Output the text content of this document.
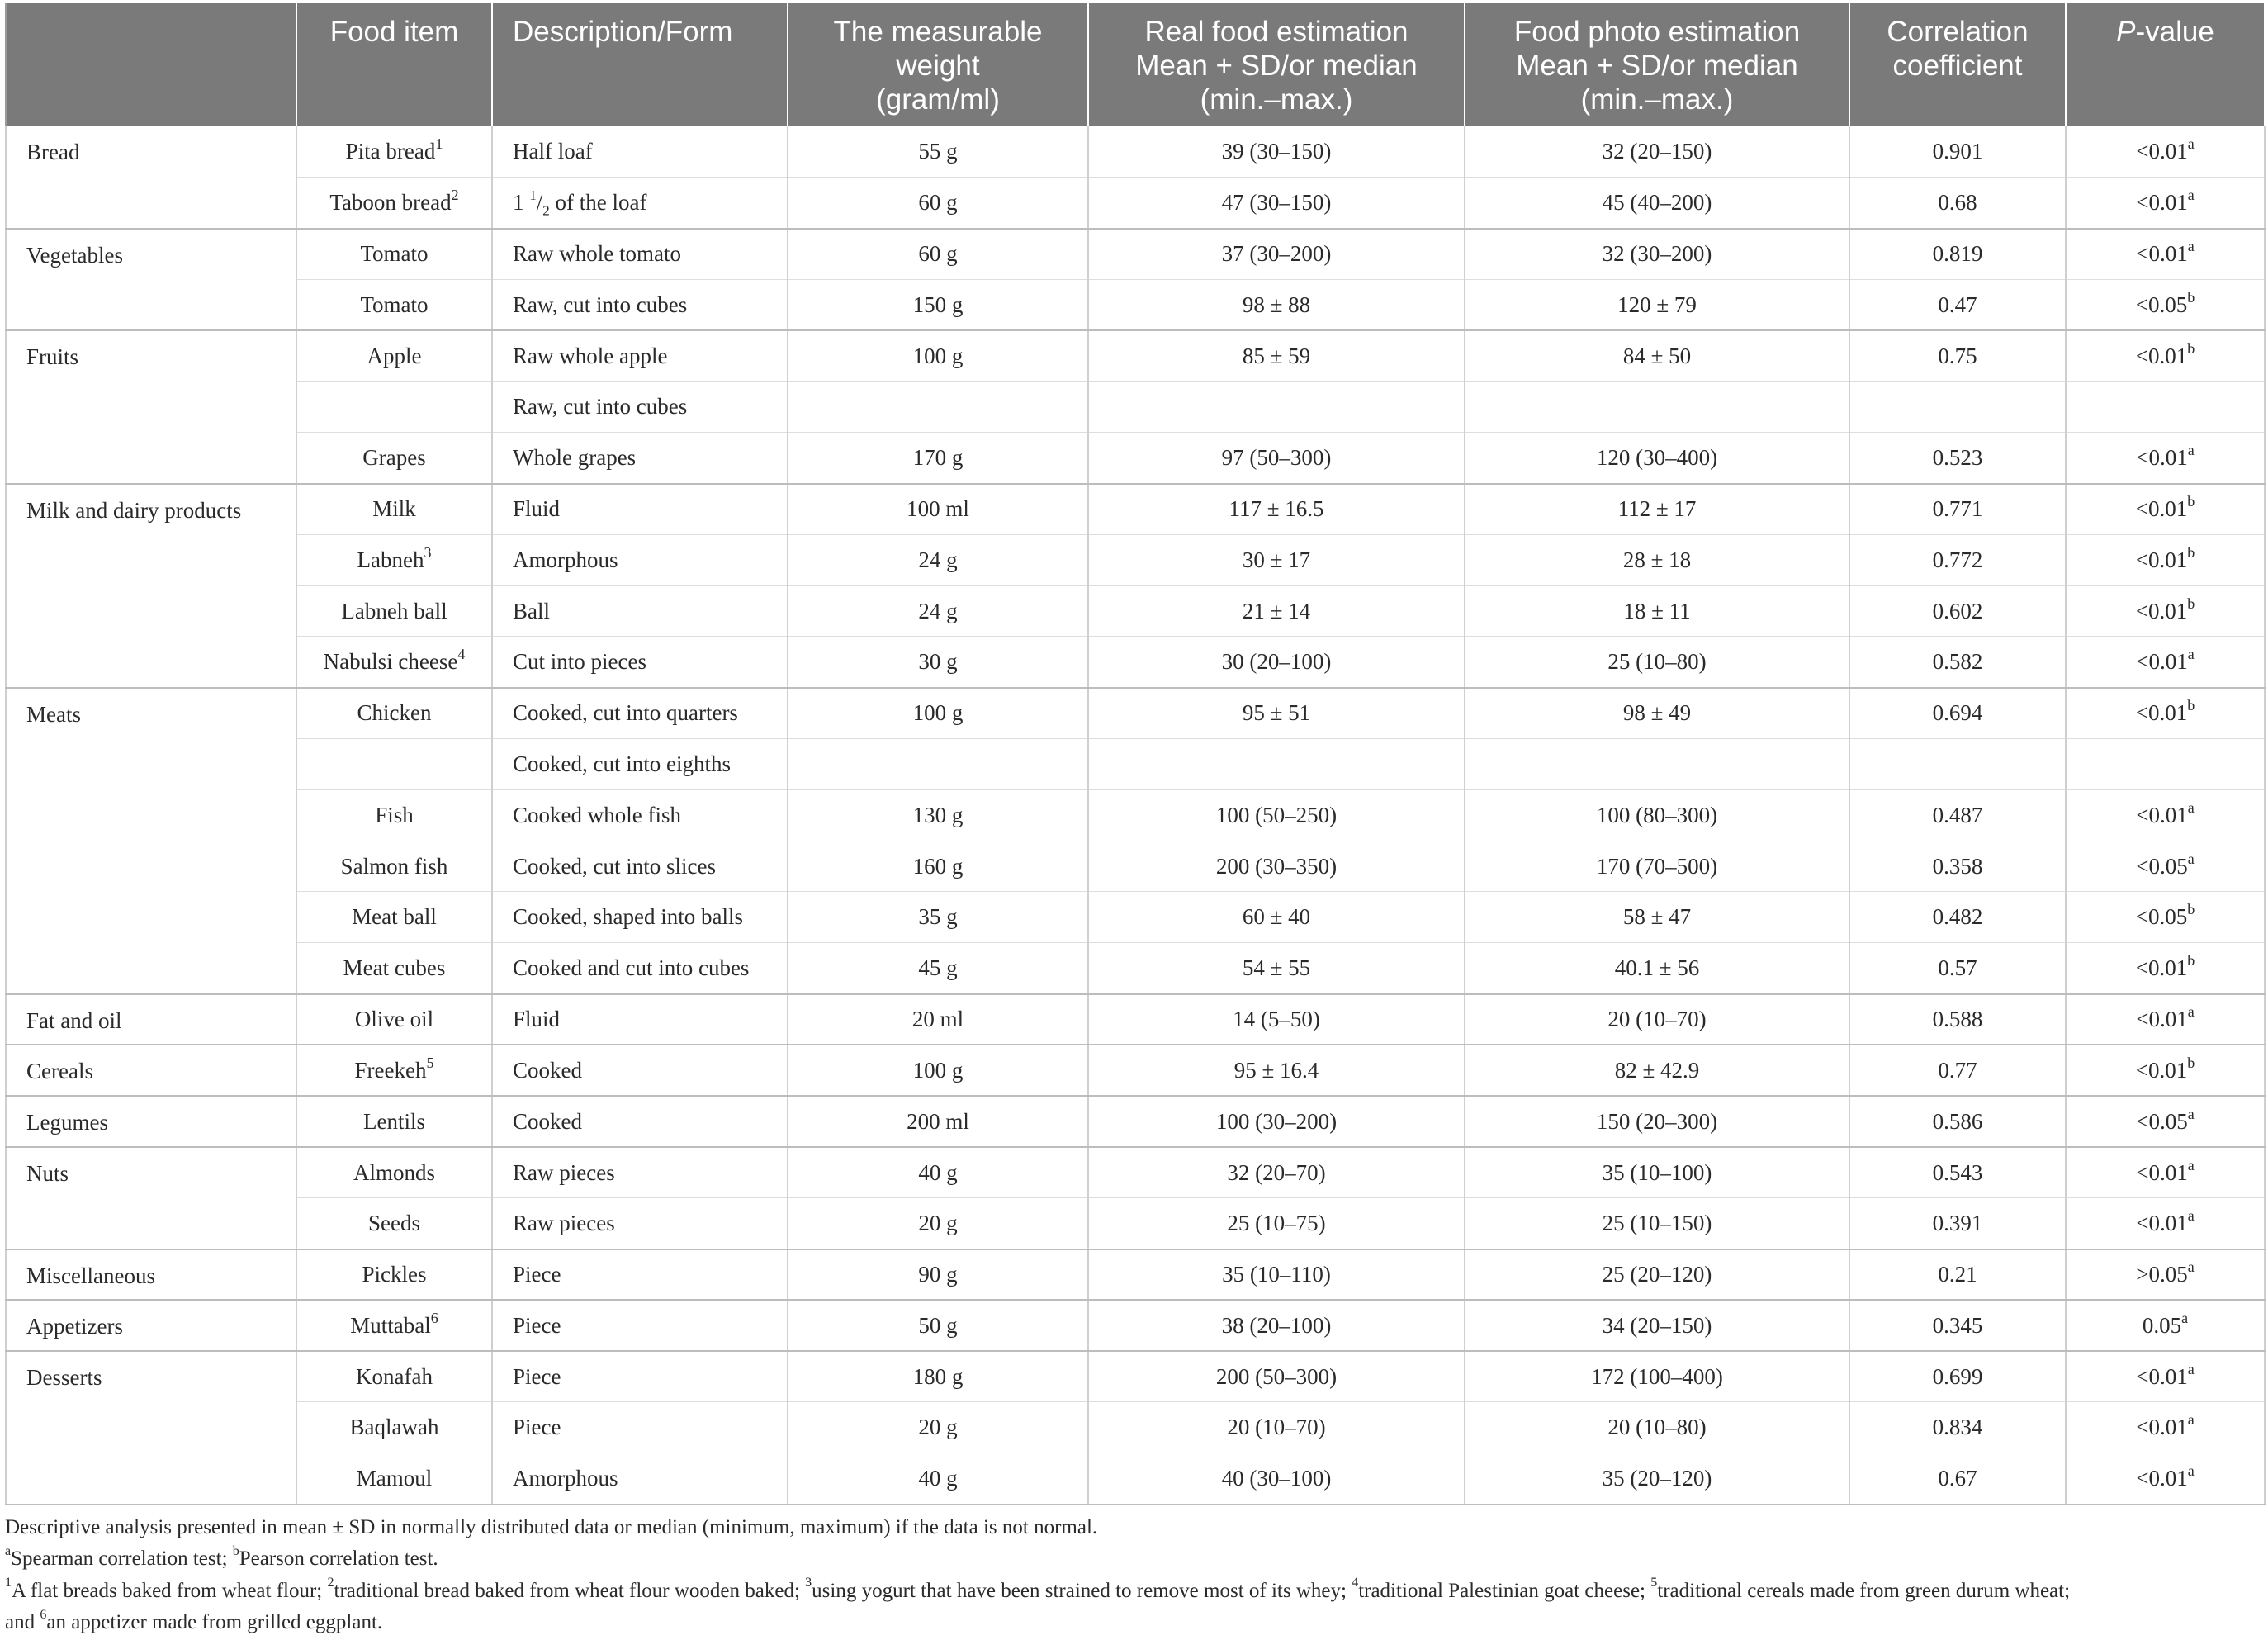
	Food item	Description/Form	The measurable
weight
(gram/ml)	Real food estimation
Mean + SD/or median
(min.–max.)	Food photo estimation
Mean + SD/or median
(min.–max.)	Correlation
coefficient	P-value
Bread	Pita bread$^1$	Half loaf	55 g	39 (30–150)	32 (20–150)	0.901	<0.01$^a$
	Taboon bread$^2$	1 $^1/_2$ of the loaf	60 g	47 (30–150)	45 (40–200)	0.68	<0.01$^a$
Vegetables	Tomato	Raw whole tomato	60 g	37 (30–200)	32 (30–200)	0.819	<0.01$^a$
	Tomato	Raw, cut into cubes	150 g	98 ± 88	120 ± 79	0.47	<0.05$^b$
Fruits	Apple	Raw whole apple	100 g	85 ± 59	84 ± 50	0.75	<0.01$^b$
		Raw, cut into cubes					
	Grapes	Whole grapes	170 g	97 (50–300)	120 (30–400)	0.523	<0.01$^a$
Milk and dairy products	Milk	Fluid	100 ml	117 ± 16.5	112 ± 17	0.771	<0.01$^b$
	Labneh$^3$	Amorphous	24 g	30 ± 17	28 ± 18	0.772	<0.01$^b$
	Labneh ball	Ball	24 g	21 ± 14	18 ± 11	0.602	<0.01$^b$
	Nabulsi cheese$^4$	Cut into pieces	30 g	30 (20–100)	25 (10–80)	0.582	<0.01$^a$
Meats	Chicken	Cooked, cut into quarters	100 g	95 ± 51	98 ± 49	0.694	<0.01$^b$
		Cooked, cut into eighths					
	Fish	Cooked whole fish	130 g	100 (50–250)	100 (80–300)	0.487	<0.01$^a$
	Salmon fish	Cooked, cut into slices	160 g	200 (30–350)	170 (70–500)	0.358	<0.05$^a$
	Meat ball	Cooked, shaped into balls	35 g	60 ± 40	58 ± 47	0.482	<0.05$^b$
	Meat cubes	Cooked and cut into cubes	45 g	54 ± 55	40.1 ± 56	0.57	<0.01$^b$
Fat and oil	Olive oil	Fluid	20 ml	14 (5–50)	20 (10–70)	0.588	<0.01$^a$
Cereals	Freekeh$^5$	Cooked	100 g	95 ± 16.4	82 ± 42.9	0.77	<0.01$^b$
Legumes	Lentils	Cooked	200 ml	100 (30–200)	150 (20–300)	0.586	<0.05$^a$
Nuts	Almonds	Raw pieces	40 g	32 (20–70)	35 (10–100)	0.543	<0.01$^a$
	Seeds	Raw pieces	20 g	25 (10–75)	25 (10–150)	0.391	<0.01$^a$
Miscellaneous	Pickles	Piece	90 g	35 (10–110)	25 (20–120)	0.21	>0.05$^a$
Appetizers	Muttabal$^6$	Piece	50 g	38 (20–100)	34 (20–150)	0.345	0.05$^a$
Desserts	Konafah	Piece	180 g	200 (50–300)	172 (100–400)	0.699	<0.01$^a$
	Baqlawah	Piece	20 g	20 (10–70)	20 (10–80)	0.834	<0.01$^a$
	Mamoul	Amorphous	40 g	40 (30–100)	35 (20–120)	0.67	<0.01$^a$

Descriptive analysis presented in mean ± SD in normally distributed data or median (minimum, maximum) if the data is not normal.

$^a$Spearman correlation test; $^b$Pearson correlation test.

$^1$A flat breads baked from wheat flour; $^2$traditional bread baked from wheat flour wooden baked; $^3$using yogurt that have been strained to remove most of its whey; $^4$traditional Palestinian goat cheese; $^5$traditional cereals made from green durum wheat;
and $^6$an appetizer made from grilled eggplant.
